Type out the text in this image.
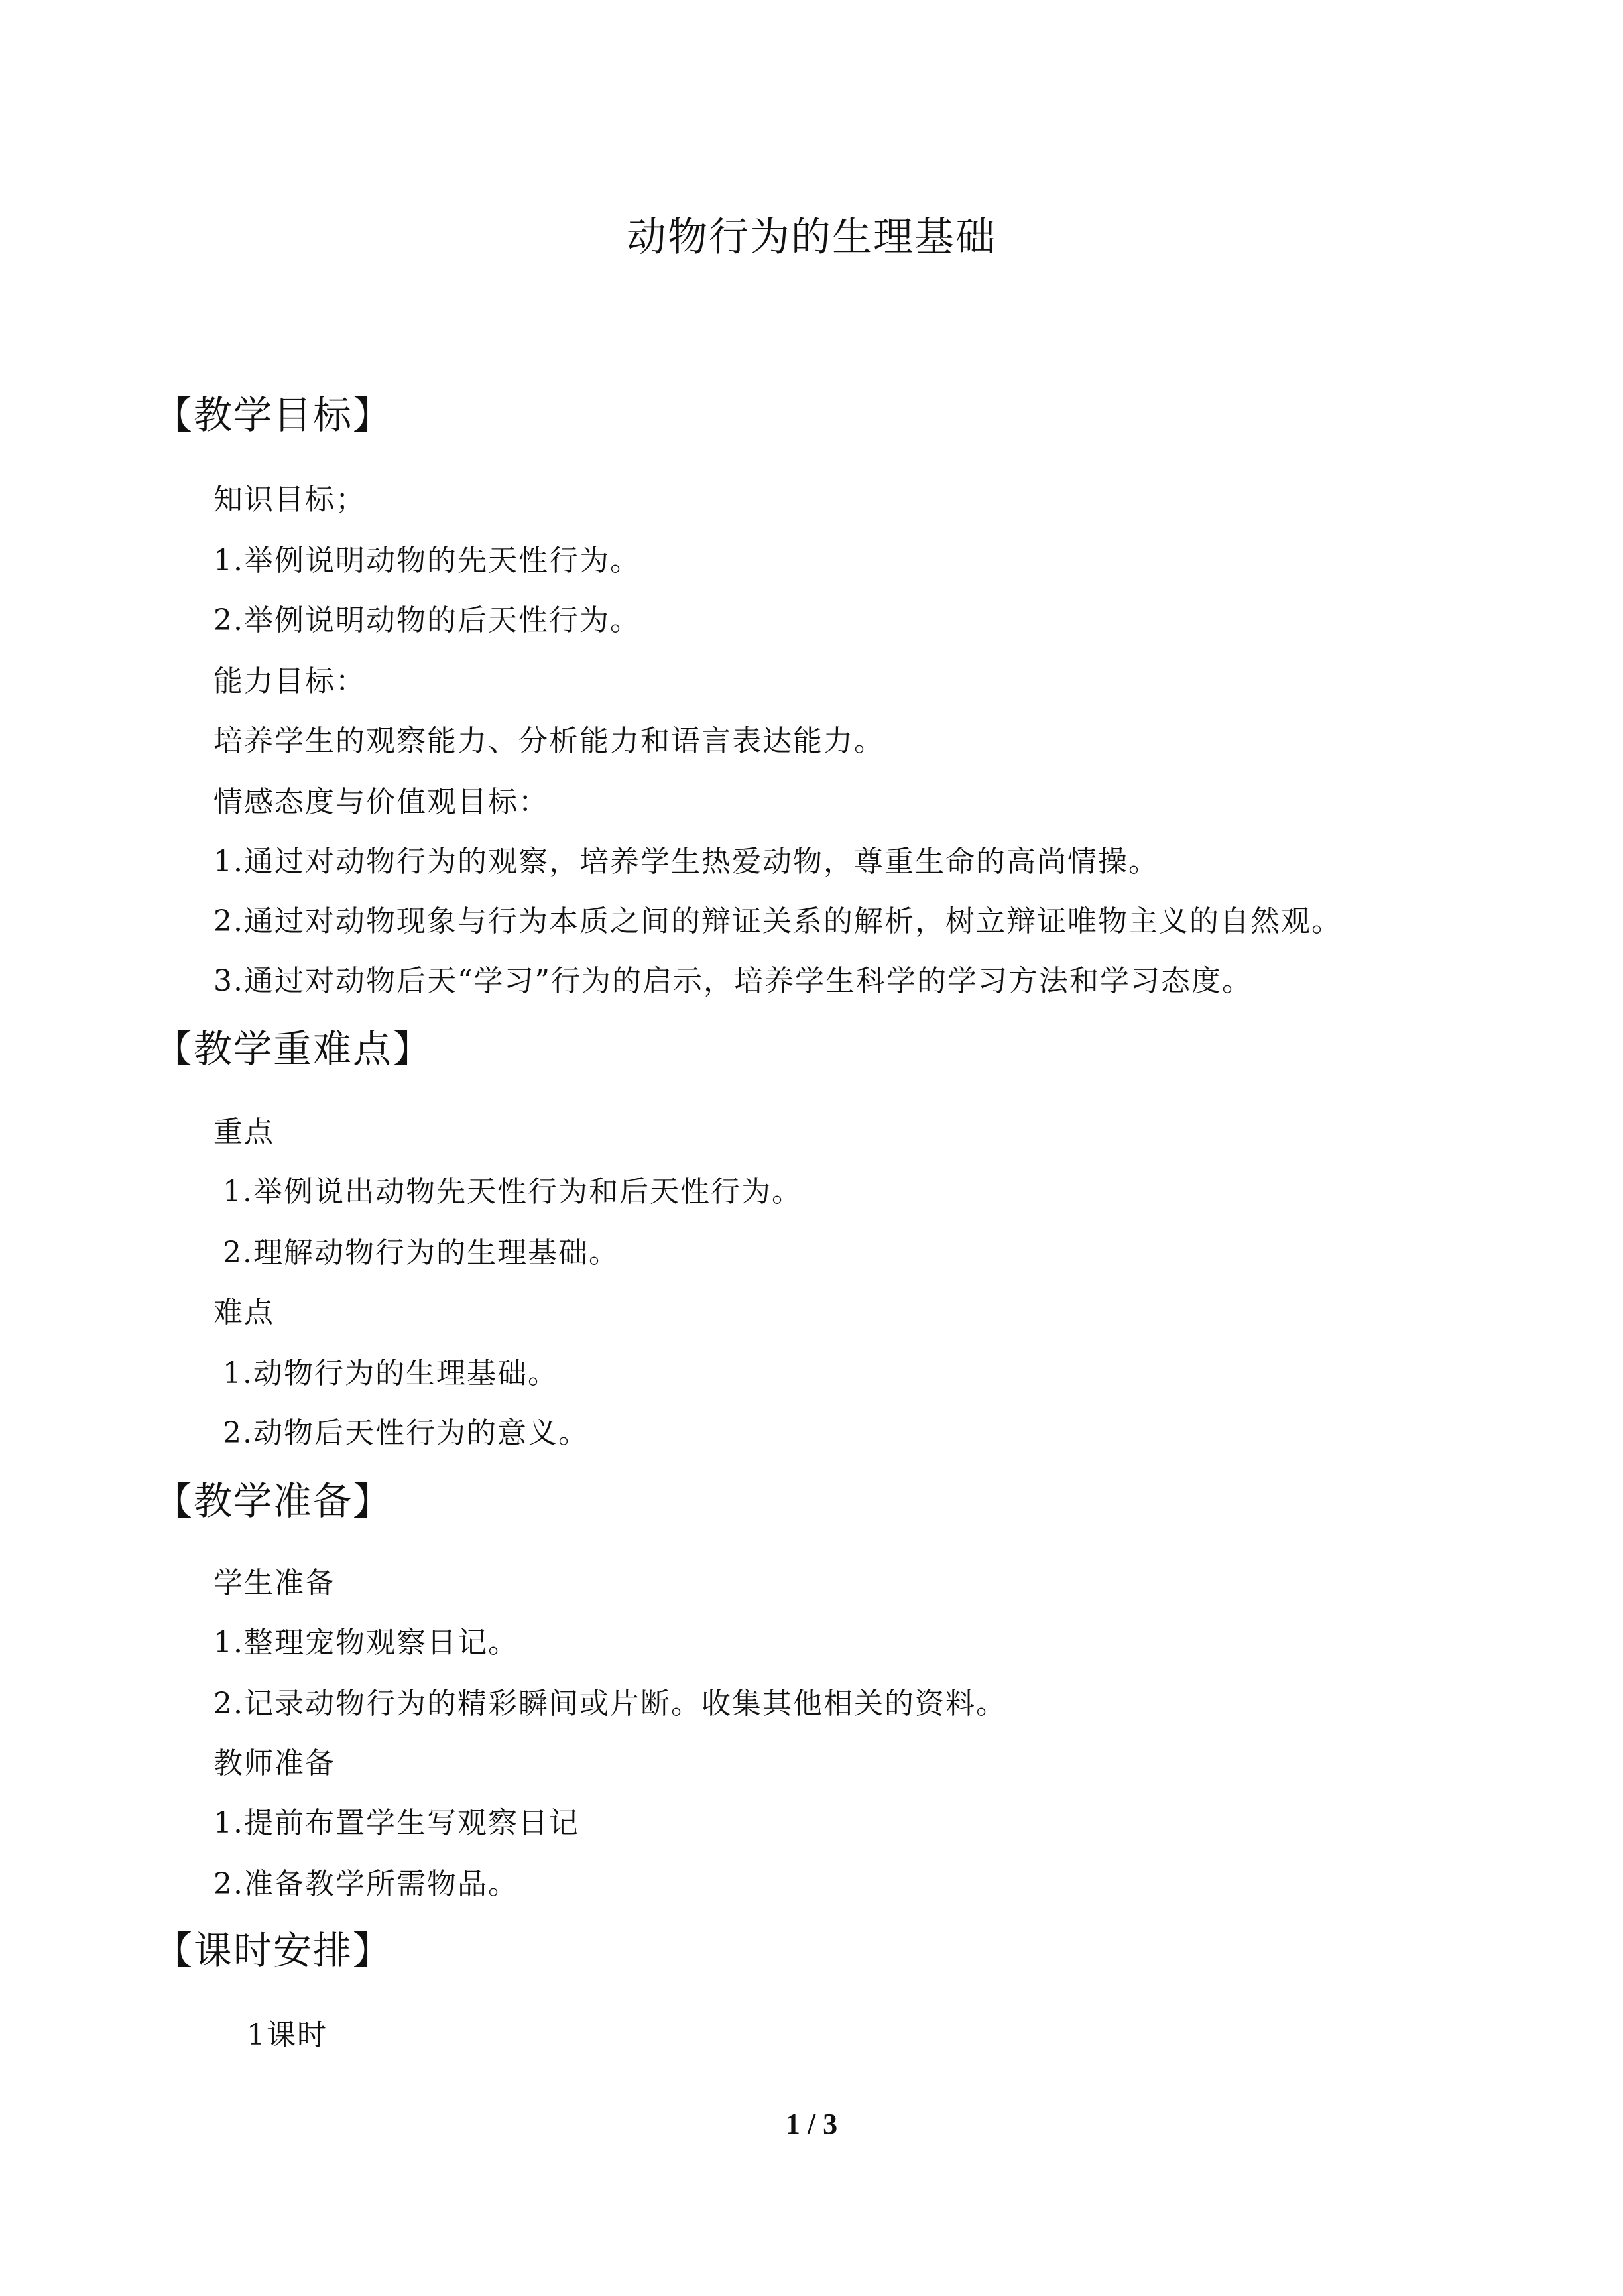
动物行为的生理基础
【教学目标】
知识目标；
1.举例说明动物的先天性行为。
2.举例说明动物的后天性行为。
能力目标：
培养学生的观察能力、分析能力和语言表达能力。
情感态度与价值观目标：
1.通过对动物行为的观察，培养学生热爱动物，尊重生命的高尚情操。
2.通过对动物现象与行为本质之间的辩证关系的解析，树立辩证唯物主义的自然观。
3.通过对动物后天“学习”行为的启示，培养学生科学的学习方法和学习态度。
【教学重难点】
重点
1.举例说出动物先天性行为和后天性行为。
2.理解动物行为的生理基础。
难点
1.动物行为的生理基础。
2.动物后天性行为的意义。
【教学准备】
学生准备
1.整理宠物观察日记。
2.记录动物行为的精彩瞬间或片断。收集其他相关的资料。
教师准备
1.提前布置学生写观察日记
2.准备教学所需物品。
【课时安排】
1课时
1 / 3
